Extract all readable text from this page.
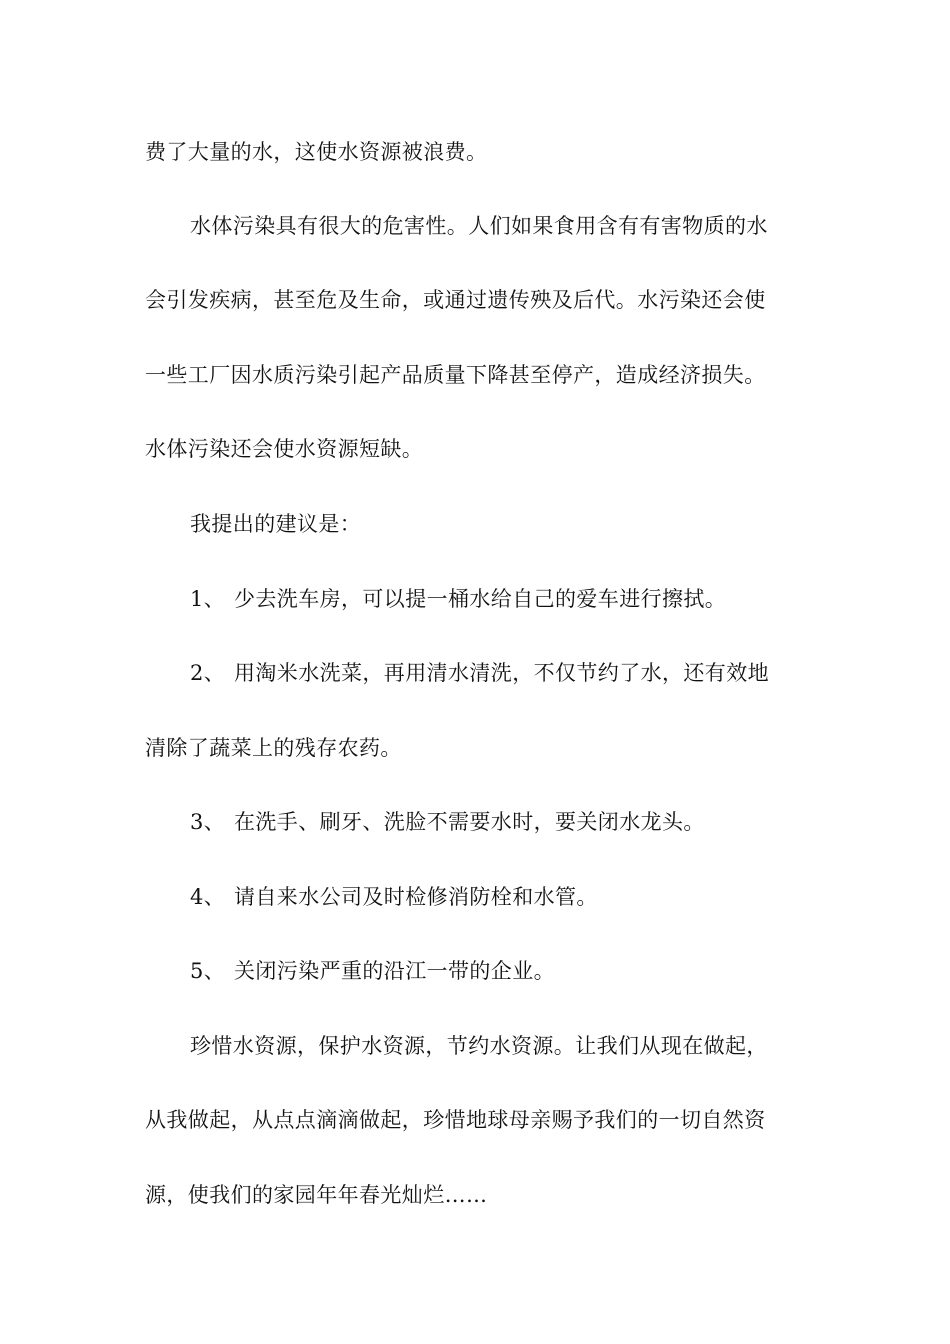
费了大量的水，这使水资源被浪费。
水体污染具有很大的危害性。人们如果食用含有有害物质的水
会引发疾病，甚至危及生命，或通过遗传殃及后代。水污染还会使
一些工厂因水质污染引起产品质量下降甚至停产，造成经济损失。
水体污染还会使水资源短缺。
我提出的建议是：
1、 少去洗车房，可以提一桶水给自己的爱车进行擦拭。
2、 用淘米水洗菜，再用清水清洗，不仅节约了水，还有效地
清除了蔬菜上的残存农药。
3、 在洗手、刷牙、洗脸不需要水时，要关闭水龙头。
4、 请自来水公司及时检修消防栓和水管。
5、 关闭污染严重的沿江一带的企业。
珍惜水资源，保护水资源，节约水资源。让我们从现在做起，
从我做起，从点点滴滴做起，珍惜地球母亲赐予我们的一切自然资
源，使我们的家园年年春光灿烂……
